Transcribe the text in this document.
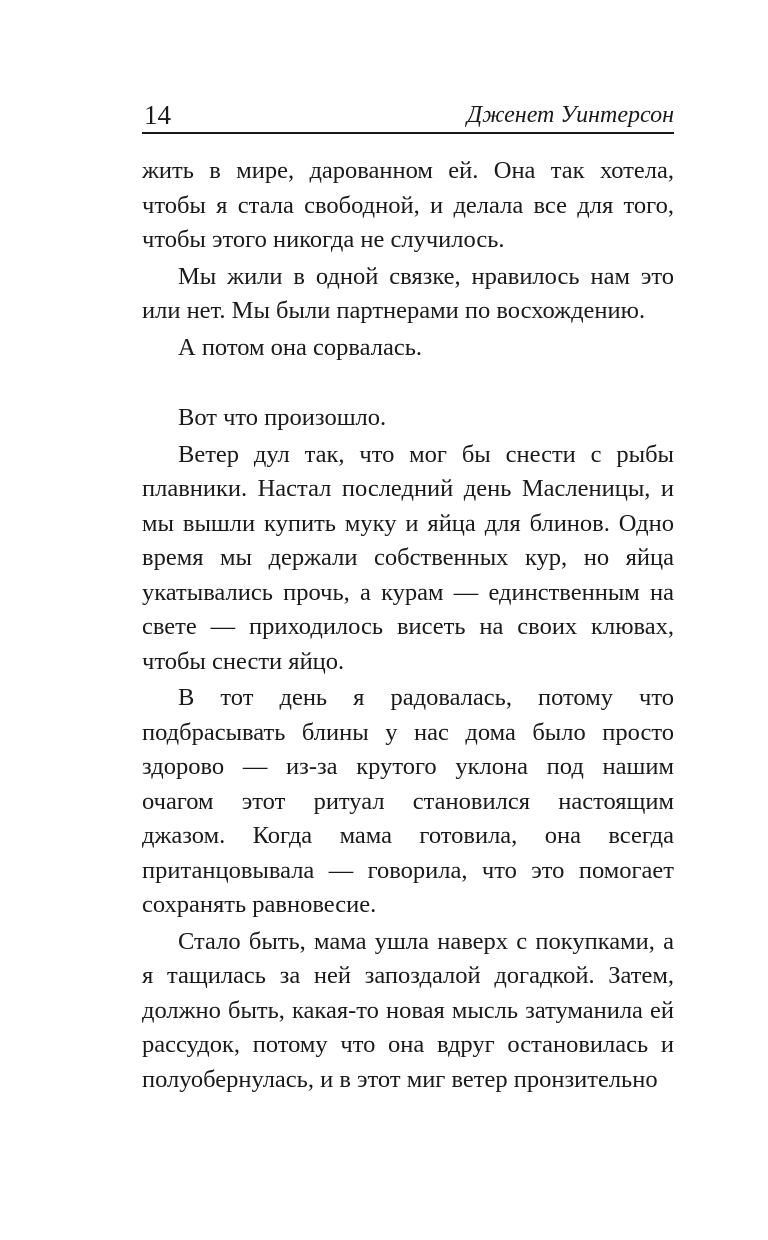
14	Дженет Уинтерсон

жить в мире, дарованном ей. Она так хотела, чтобы я стала свободной, и делала все для того, чтобы этого никогда не случилось.

Мы жили в одной связке, нравилось нам это или нет. Мы были партнерами по восхождению.

А потом она сорвалась.

Вот что произошло.

Ветер дул так, что мог бы снести с рыбы плавники. Настал последний день Масленицы, и мы вышли купить муку и яйца для блинов. Одно время мы держали собственных кур, но яйца укатывались прочь, а курам — единственным на свете — приходилось висеть на своих клювах, чтобы снести яйцо.

В тот день я радовалась, потому что подбрасывать блины у нас дома было просто здорово — из-за крутого уклона под нашим очагом этот ритуал становился настоящим джазом. Когда мама готовила, она всегда пританцовывала — говорила, что это помогает сохранять равновесие.

Стало быть, мама ушла наверх с покупками, а я тащилась за ней запоздалой догадкой. Затем, должно быть, какая-то новая мысль затуманила ей рассудок, потому что она вдруг остановилась и полуобернулась, и в этот миг ветер пронзительно
